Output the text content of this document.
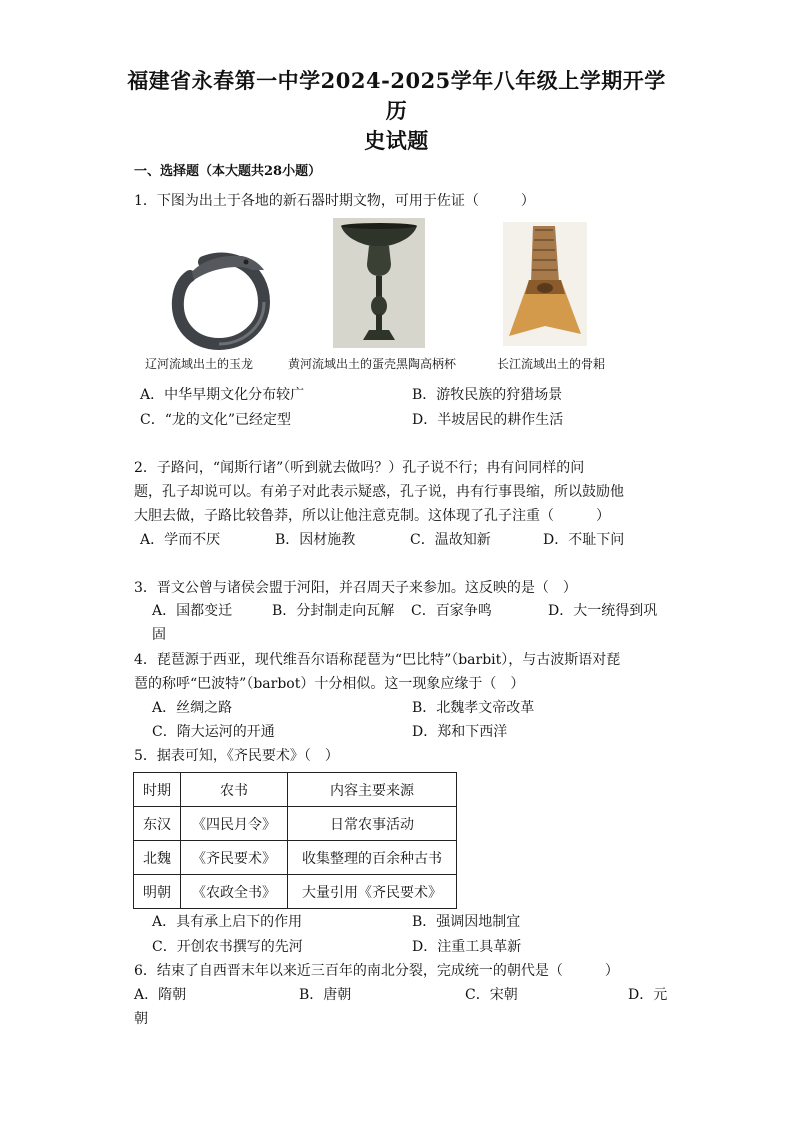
福建省永春第一中学2024-2025学年八年级上学期开学历
史试题
一、选择题（本大题共28小题）
1．下图为出土于各地的新石器时期文物，可用于佐证（　　　）
辽河流域出土的玉龙	黄河流域出土的蛋壳黑陶高柄杯	长江流域出土的骨耜
A．中华早期文化分布较广	B．游牧民族的狩猎场景
C．“龙的文化”已经定型	D．半坡居民的耕作生活
2．子路问，“闻斯行诸”（听到就去做吗？）孔子说不行；冉有问同样的问
题，孔子却说可以。有弟子对此表示疑惑，孔子说，冉有行事畏缩，所以鼓励他
大胆去做，子路比较鲁莽，所以让他注意克制。这体现了孔子注重（　　　）
A．学而不厌	B．因材施教	C．温故知新	D．不耻下问
3．晋文公曾与诸侯会盟于河阳，并召周天子来参加。这反映的是（　）
A．国都变迁	B．分封制走向瓦解 C．百家争鸣	D．大一统得到巩
固
4．琵琶源于西亚，现代维吾尔语称琵琶为“巴比特”（barbit），与古波斯语对琵
琶的称呼“巴波特”（barbot）十分相似。这一现象应缘于（　）
A．丝绸之路	B．北魏孝文帝改革
C．隋大运河的开通	D．郑和下西洋
5．据表可知，《齐民要术》（　）
时期	农书	内容主要来源
东汉	《四民月令》	日常农事活动
北魏	《齐民要术》	收集整理的百余种古书
明朝	《农政全书》	大量引用《齐民要术》
A．具有承上启下的作用	B．强调因地制宜
C．开创农书撰写的先河	D．注重工具革新
6．结束了自西晋末年以来近三百年的南北分裂，完成统一的朝代是（　　　）
A．隋朝	B．唐朝	C．宋朝	D．元
朝
